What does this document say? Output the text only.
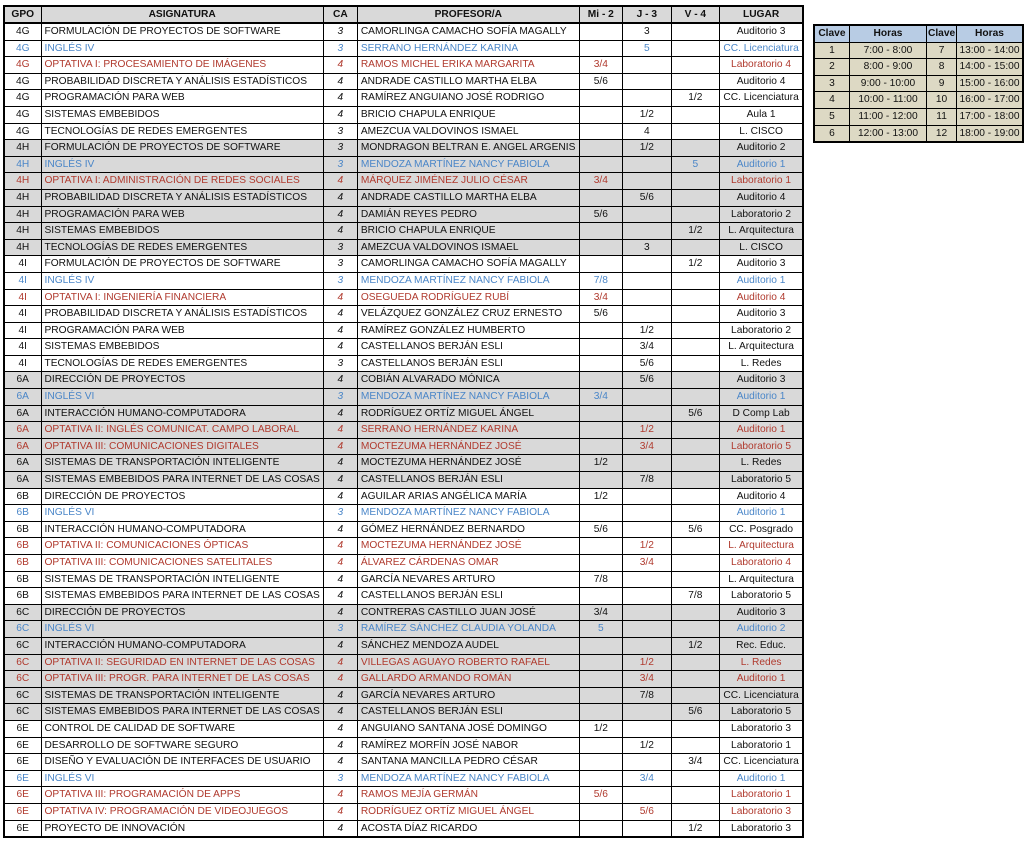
GPO	ASIGNATURA	CA	PROFESOR/A	Mi - 2	J - 3	V - 4	LUGAR
4G	FORMULACIÓN DE PROYECTOS DE SOFTWARE	3	CAMORLINGA CAMACHO SOFÍA MAGALLY		3		Auditorio 3
4G	INGLÉS IV	3	SERRANO HERNÁNDEZ KARINA		5		CC. Licenciatura
4G	OPTATIVA I: PROCESAMIENTO DE IMÁGENES	4	RAMOS MICHEL ERIKA MARGARITA	3/4			Laboratorio 4
4G	PROBABILIDAD DISCRETA Y ANÁLISIS ESTADÍSTICOS	4	ANDRADE CASTILLO MARTHA ELBA	5/6			Auditorio 4
4G	PROGRAMACIÓN PARA WEB	4	RAMÍREZ ANGUIANO JOSÉ RODRIGO			1/2	CC. Licenciatura
4G	SISTEMAS EMBEBIDOS	4	BRICIO CHAPULA ENRIQUE		1/2		Aula 1
4G	TECNOLOGÍAS DE REDES EMERGENTES	3	AMEZCUA VALDOVINOS ISMAEL		4		L. CISCO
4H	FORMULACIÓN DE PROYECTOS DE SOFTWARE	3	MONDRAGON BELTRAN E. ANGEL ARGENIS		1/2		Auditorio 2
4H	INGLÉS IV	3	MENDOZA MARTÍNEZ NANCY FABIOLA			5	Auditorio 1
4H	OPTATIVA I: ADMINISTRACIÓN DE REDES SOCIALES	4	MÁRQUEZ JIMÉNEZ JULIO CÉSAR	3/4			Laboratorio 1
4H	PROBABILIDAD DISCRETA Y ANÁLISIS ESTADÍSTICOS	4	ANDRADE CASTILLO MARTHA ELBA		5/6		Auditorio 4
4H	PROGRAMACIÓN PARA WEB	4	DAMIÁN REYES PEDRO	5/6			Laboratorio 2
4H	SISTEMAS EMBEBIDOS	4	BRICIO CHAPULA ENRIQUE			1/2	L. Arquitectura
4H	TECNOLOGÍAS DE REDES EMERGENTES	3	AMEZCUA VALDOVINOS ISMAEL		3		L. CISCO
4I	FORMULACIÓN DE PROYECTOS DE SOFTWARE	3	CAMORLINGA CAMACHO SOFÍA MAGALLY			1/2	Auditorio 3
4I	INGLÉS IV	3	MENDOZA MARTÍNEZ NANCY FABIOLA	7/8			Auditorio 1
4I	OPTATIVA I: INGENIERÍA FINANCIERA	4	OSEGUEDA RODRÍGUEZ RUBÍ	3/4			Auditorio 4
4I	PROBABILIDAD DISCRETA Y ANÁLISIS ESTADÍSTICOS	4	VELÁZQUEZ GONZÁLEZ CRUZ ERNESTO	5/6			Auditorio 3
4I	PROGRAMACIÓN PARA WEB	4	RAMÍREZ GONZÁLEZ HUMBERTO		1/2		Laboratorio 2
4I	SISTEMAS EMBEBIDOS	4	CASTELLANOS BERJÁN ESLI		3/4		L. Arquitectura
4I	TECNOLOGÍAS DE REDES EMERGENTES	3	CASTELLANOS BERJÁN ESLI		5/6		L. Redes
6A	DIRECCIÓN DE PROYECTOS	4	COBIÁN ALVARADO MÓNICA		5/6		Auditorio 3
6A	INGLÉS VI	3	MENDOZA MARTÍNEZ NANCY FABIOLA	3/4			Auditorio 1
6A	INTERACCIÓN HUMANO-COMPUTADORA	4	RODRÍGUEZ ORTÍZ MIGUEL ÁNGEL			5/6	D Comp Lab
6A	OPTATIVA II: INGLÉS COMUNICAT. CAMPO LABORAL	4	SERRANO HERNÁNDEZ KARINA		1/2		Auditorio 1
6A	OPTATIVA III: COMUNICACIONES DIGITALES	4	MOCTEZUMA HERNÁNDEZ JOSÉ		3/4		Laboratorio 5
6A	SISTEMAS DE TRANSPORTACIÓN INTELIGENTE	4	MOCTEZUMA HERNÁNDEZ JOSÉ	1/2			L. Redes
6A	SISTEMAS EMBEBIDOS PARA INTERNET DE LAS COSAS	4	CASTELLANOS BERJÁN ESLI		7/8		Laboratorio 5
6B	DIRECCIÓN DE PROYECTOS	4	AGUILAR ARIAS ANGÉLICA MARÍA	1/2			Auditorio 4
6B	INGLÉS VI	3	MENDOZA MARTÍNEZ NANCY FABIOLA				Auditorio 1
6B	INTERACCIÓN HUMANO-COMPUTADORA	4	GÓMEZ HERNÁNDEZ BERNARDO	5/6		5/6	CC. Posgrado
6B	OPTATIVA II: COMUNICACIONES ÓPTICAS	4	MOCTEZUMA HERNÁNDEZ JOSÉ		1/2		L. Arquitectura
6B	OPTATIVA III: COMUNICACIONES SATELITALES	4	ÁLVAREZ CÁRDENAS OMAR		3/4		Laboratorio 4
6B	SISTEMAS DE TRANSPORTACIÓN INTELIGENTE	4	GARCÍA NEVARES ARTURO	7/8			L. Arquitectura
6B	SISTEMAS EMBEBIDOS PARA INTERNET DE LAS COSAS	4	CASTELLANOS BERJÁN ESLI			7/8	Laboratorio 5
6C	DIRECCIÓN DE PROYECTOS	4	CONTRERAS CASTILLO JUAN JOSÉ	3/4			Auditorio 3
6C	INGLÉS VI	3	RAMÍREZ SÁNCHEZ CLAUDIA YOLANDA	5			Auditorio 2
6C	INTERACCIÓN HUMANO-COMPUTADORA	4	SÁNCHEZ MENDOZA AUDEL			1/2	Rec. Educ.
6C	OPTATIVA II: SEGURIDAD EN INTERNET DE LAS COSAS	4	VILLEGAS AGUAYO ROBERTO RAFAEL		1/2		L. Redes
6C	OPTATIVA III: PROGR. PARA INTERNET DE LAS COSAS	4	GALLARDO ARMANDO ROMÁN		3/4		Auditorio 1
6C	SISTEMAS DE TRANSPORTACIÓN INTELIGENTE	4	GARCÍA NEVARES ARTURO		7/8		CC. Licenciatura
6C	SISTEMAS EMBEBIDOS PARA INTERNET DE LAS COSAS	4	CASTELLANOS BERJÁN ESLI			5/6	Laboratorio 5
6E	CONTROL DE CALIDAD DE SOFTWARE	4	ANGUIANO SANTANA JOSÉ DOMINGO	1/2			Laboratorio 3
6E	DESARROLLO DE SOFTWARE SEGURO	4	RAMÍREZ MORFÍN JOSÉ NABOR		1/2		Laboratorio 1
6E	DISEÑO Y EVALUACIÓN DE INTERFACES DE USUARIO	4	SANTANA MANCILLA PEDRO CÉSAR			3/4	CC. Licenciatura
6E	INGLÉS VI	3	MENDOZA MARTÍNEZ NANCY FABIOLA		3/4		Auditorio 1
6E	OPTATIVA III: PROGRAMACIÓN DE APPS	4	RAMOS MEJÍA GERMÁN	5/6			Laboratorio 1
6E	OPTATIVA IV: PROGRAMACIÓN DE VIDEOJUEGOS	4	RODRÍGUEZ ORTÍZ MIGUEL ÁNGEL		5/6		Laboratorio 3
6E	PROYECTO DE INNOVACIÓN	4	ACOSTA DÍAZ RICARDO			1/2	Laboratorio 3
Clave	Horas	Clave	Horas
1	7:00 - 8:00	7	13:00 - 14:00
2	8:00 - 9:00	8	14:00 - 15:00
3	9:00 - 10:00	9	15:00 - 16:00
4	10:00 - 11:00	10	16:00 - 17:00
5	11:00 - 12:00	11	17:00 - 18:00
6	12:00 - 13:00	12	18:00 - 19:00
